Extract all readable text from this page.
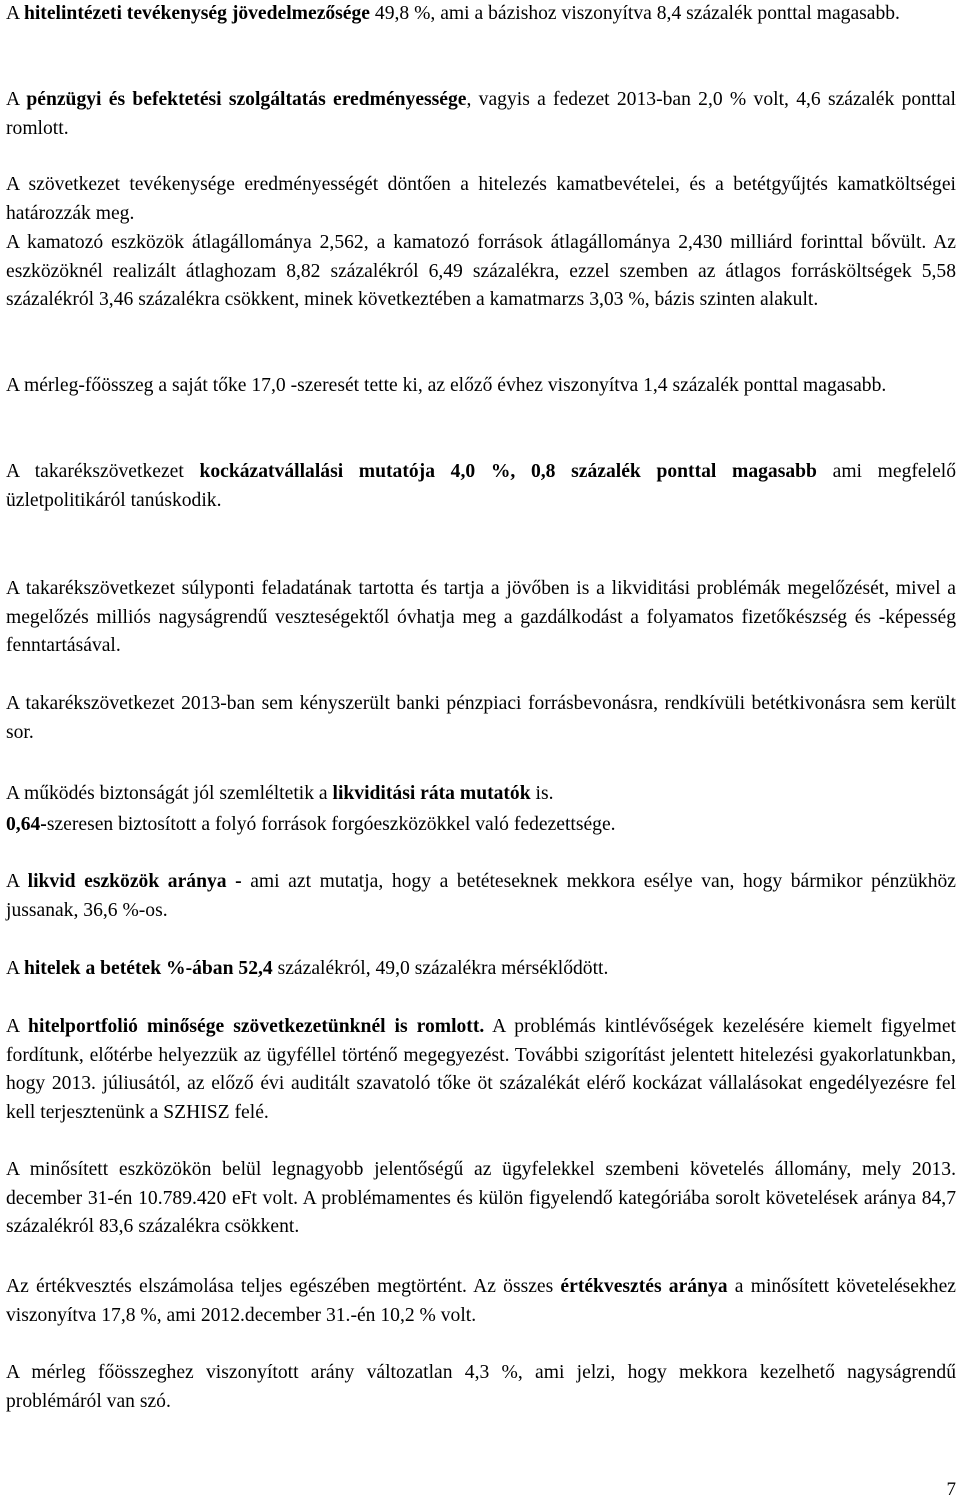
A hitelintézeti tevékenység jövedelmezősége 49,8 %, ami a bázishoz viszonyítva 8,4 százalék ponttal magasabb.

A pénzügyi és befektetési szolgáltatás eredményessége, vagyis a fedezet 2013-ban 2,0 % volt, 4,6 százalék ponttal romlott.

A szövetkezet tevékenysége eredményességét döntően a hitelezés kamatbevételei, és a betétgyűjtés kamatköltségei határozzák meg.

A kamatozó eszközök átlagállománya 2,562, a kamatozó források átlagállománya 2,430 milliárd forinttal bővült. Az eszközöknél realizált átlaghozam 8,82 százalékról 6,49 százalékra, ezzel szemben az átlagos forrásköltségek 5,58 százalékról 3,46 százalékra csökkent, minek következtében a kamatmarzs 3,03 %, bázis szinten alakult.

A mérleg-főösszeg a saját tőke 17,0 -szeresét tette ki, az előző évhez viszonyítva 1,4 százalék ponttal magasabb.

A takarékszövetkezet kockázatvállalási mutatója 4,0 %, 0,8 százalék ponttal magasabb ami megfelelő üzletpolitikáról tanúskodik.

A takarékszövetkezet súlyponti feladatának tartotta és tartja a jövőben is a likviditási problémák megelőzését, mivel a megelőzés milliós nagyságrendű veszteségektől óvhatja meg a gazdálkodást a folyamatos fizetőkészség és -képesség fenntartásával.

A takarékszövetkezet 2013-ban sem kényszerült banki pénzpiaci forrásbevonásra, rendkívüli betétkivonásra sem került sor.

A működés biztonságát jól szemléltetik a likviditási ráta mutatók is.

0,64-szeresen biztosított a folyó források forgóeszközökkel való fedezettsége.

A likvid eszközök aránya - ami azt mutatja, hogy a betéteseknek mekkora esélye van, hogy bármikor pénzükhöz jussanak, 36,6 %-os.

A hitelek a betétek %-ában 52,4 százalékról, 49,0 százalékra mérséklődött.

A hitelportfolió minősége szövetkezetünknél is romlott. A problémás kintlévőségek kezelésére kiemelt figyelmet fordítunk, előtérbe helyezzük az ügyféllel történő megegyezést. További szigorítást jelentett hitelezési gyakorlatunkban, hogy 2013. júliusától, az előző évi auditált szavatoló tőke öt százalékát elérő kockázat vállalásokat engedélyezésre fel kell terjesztenünk a SZHISZ felé.

A minősített eszközökön belül legnagyobb jelentőségű az ügyfelekkel szembeni követelés állomány, mely 2013. december 31-én 10.789.420 eFt volt. A problémamentes és külön figyelendő kategóriába sorolt követelések aránya 84,7 százalékról 83,6 százalékra csökkent.

Az értékvesztés elszámolása teljes egészében megtörtént. Az összes értékvesztés aránya a minősített követelésekhez viszonyítva 17,8 %, ami 2012.december 31.-én 10,2 % volt.

A mérleg főösszeghez viszonyított arány változatlan 4,3 %, ami jelzi, hogy mekkora kezelhető nagyságrendű problémáról van szó.

7
